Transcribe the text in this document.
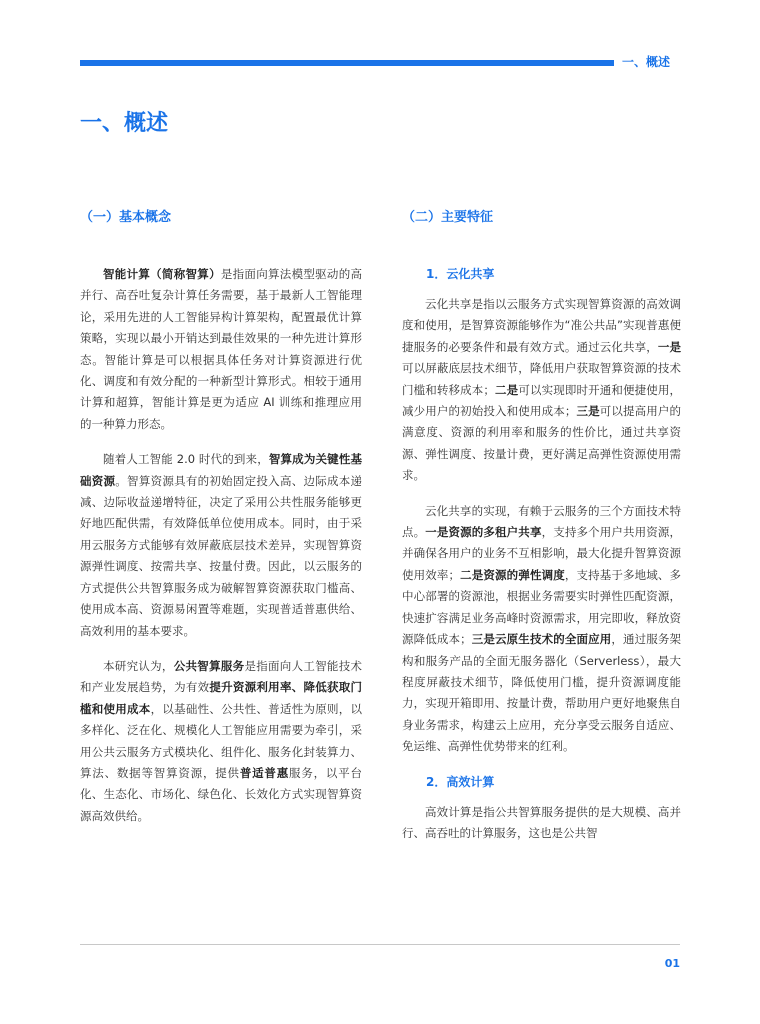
一、概述
一、概述
（一）基本概念

智能计算（简称智算）是指面向算法模型驱动的高并行、高吞吐复杂计算任务需要，基于最新人工智能理论，采用先进的人工智能异构计算架构，配置最优计算策略，实现以最小开销达到最佳效果的一种先进计算形态。智能计算是可以根据具体任务对计算资源进行优化、调度和有效分配的一种新型计算形式。相较于通用计算和超算，智能计算是更为适应 AI 训练和推理应用的一种算力形态。

随着人工智能 2.0 时代的到来，智算成为关键性基础资源。智算资源具有的初始固定投入高、边际成本递减、边际收益递增特征，决定了采用公共性服务能够更好地匹配供需，有效降低单位使用成本。同时，由于采用云服务方式能够有效屏蔽底层技术差异，实现智算资源弹性调度、按需共享、按量付费。因此，以云服务的方式提供公共智算服务成为破解智算资源获取门槛高、使用成本高、资源易闲置等难题，实现普适普惠供给、高效利用的基本要求。

本研究认为，公共智算服务是指面向人工智能技术和产业发展趋势，为有效提升资源利用率、降低获取门槛和使用成本，以基础性、公共性、普适性为原则，以多样化、泛在化、规模化人工智能应用需要为牵引，采用公共云服务方式模块化、组件化、服务化封装算力、算法、数据等智算资源，提供普适普惠服务，以平台化、生态化、市场化、绿色化、长效化方式实现智算资源高效供给。

（二）主要特征
1．云化共享

云化共享是指以云服务方式实现智算资源的高效调度和使用，是智算资源能够作为“准公共品”实现普惠便捷服务的必要条件和最有效方式。通过云化共享，一是可以屏蔽底层技术细节，降低用户获取智算资源的技术门槛和转移成本；二是可以实现即时开通和便捷使用，减少用户的初始投入和使用成本；三是可以提高用户的满意度、资源的利用率和服务的性价比，通过共享资源、弹性调度、按量计费，更好满足高弹性资源使用需求。

云化共享的实现，有赖于云服务的三个方面技术特点。一是资源的多租户共享，支持多个用户共用资源，并确保各用户的业务不互相影响，最大化提升智算资源使用效率；二是资源的弹性调度，支持基于多地域、多中心部署的资源池，根据业务需要实时弹性匹配资源，快速扩容满足业务高峰时资源需求，用完即收，释放资源降低成本；三是云原生技术的全面应用，通过服务架构和服务产品的全面无服务器化（Serverless），最大程度屏蔽技术细节，降低使用门槛，提升资源调度能力，实现开箱即用、按量计费，帮助用户更好地聚焦自身业务需求，构建云上应用，充分享受云服务自适应、免运维、高弹性优势带来的红利。

2．高效计算

高效计算是指公共智算服务提供的是大规模、高并行、高吞吐的计算服务，这也是公共智

01
